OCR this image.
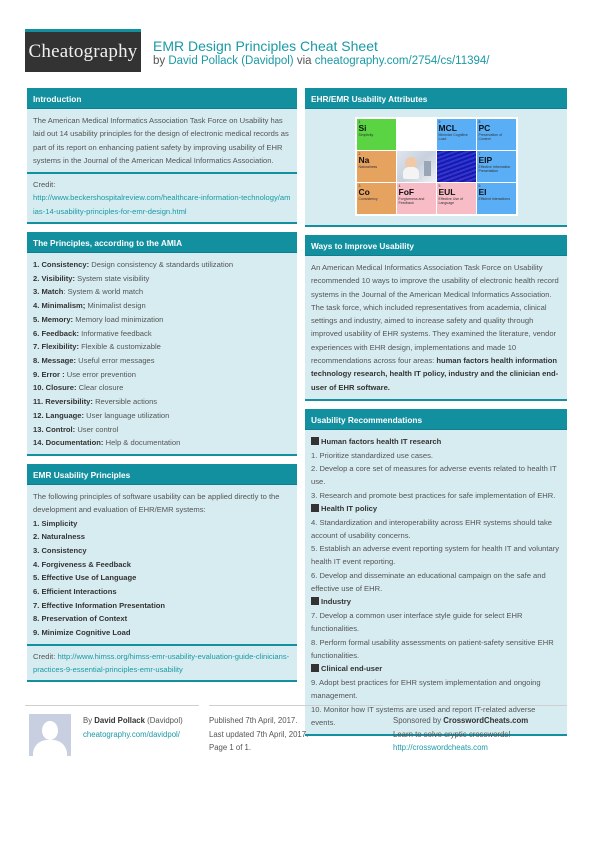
Cheatography EMR Design Principles Cheat Sheet
by David Pollack (Davidpol) via cheatography.com/2754/cs/11394/
Introduction
The American Medical Informatics Association Task Force on Usability has laid out 14 usability principles for the design of electronic medical records as part of its report on enhancing patient safety by improving usability of EHR systems in the Journal of the American Medical Informatics Association.
Credit:
http://www.beckershospitalreview.com/healthcare-information-technology/amias-14-usability-principles-for-emr-design.html
The Principles, according to the AMIA
1. Consistency: Design consistency & standards utilization
2. Visibility: System state visibility
3. Match: System & world match
4. Minimalism; Minimalist design
5. Memory: Memory load minimization
6. Feedback: Informative feedback
7. Flexibility: Flexible & customizable
8. Message: Useful error messages
9. Error : Use error prevention
10. Closure: Clear closure
11. Reversibility: Reversible actions
12. Language: User language utilization
13. Control: User control
14. Documentation: Help & documentation
EMR Usability Principles
The following principles of software usability can be applied directly to the development and evaluation of EHR/EMR systems:
1. Simplicity
2. Naturalness
3. Consistency
4. Forgiveness & Feedback
5. Effective Use of Language
6. Efficient Interactions
7. Effective Information Presentation
8. Preservation of Context
9. Minimize Cognitive Load
Credit: http://www.himss.org/himss-emr-usability-evaluation-guide-clinicians-practices-9-essential-principles-emr-usability
EHR/EMR Usability Attributes
1
Si
Simplicity
9
MCL
Minimize Cognitive Load
8
PC
Preservation of Context
2
Na
Naturalness
7
EIP
Effective Information Presentation
3
Co
Consistency
4
FoF
Forgiveness and Feedback
5
EUL
Effective Use of Language
6
EI
Efficient Interactions
Ways to Improve Usability
An American Medical Informatics Association Task Force on Usability recommended 10 ways to improve the usability of electronic health record systems in the Journal of the American Medical Informatics Association. The task force, which included representatives from academia, clinical settings and industry, aimed to increase safety and quality through improved usability of EHR systems. They examined the literature, vendor experiences with EHR design, implementations and made 10 recommendations across four areas: human factors health information technology research, health IT policy, industry and the clinician end-user of EHR software.
Usability Recommendations
Human factors health IT research
1. Prioritize standardized use cases.
2. Develop a core set of measures for adverse events related to health IT use.
3. Research and promote best practices for safe implementation of EHR.
Health IT policy
4. Standardization and interoperability across EHR systems should take account of usability concerns.
5. Establish an adverse event reporting system for health IT and voluntary health IT event reporting.
6. Develop and disseminate an educational campaign on the safe and effective use of EHR.
Industry
7. Develop a common user interface style guide for select EHR functionalities.
8. Perform formal usability assessments on patient-safety sensitive EHR functionalities.
Clinical end-user
9. Adopt best practices for EHR system implementation and ongoing management.
10. Monitor how IT systems are used and report IT-related adverse events.
By David Pollack (Davidpol)
cheatography.com/davidpol/
Published 7th April, 2017.
Last updated 7th April, 2017.
Page 1 of 1.
Sponsored by CrosswordCheats.com
Learn to solve cryptic crosswords!
http://crosswordcheats.com
